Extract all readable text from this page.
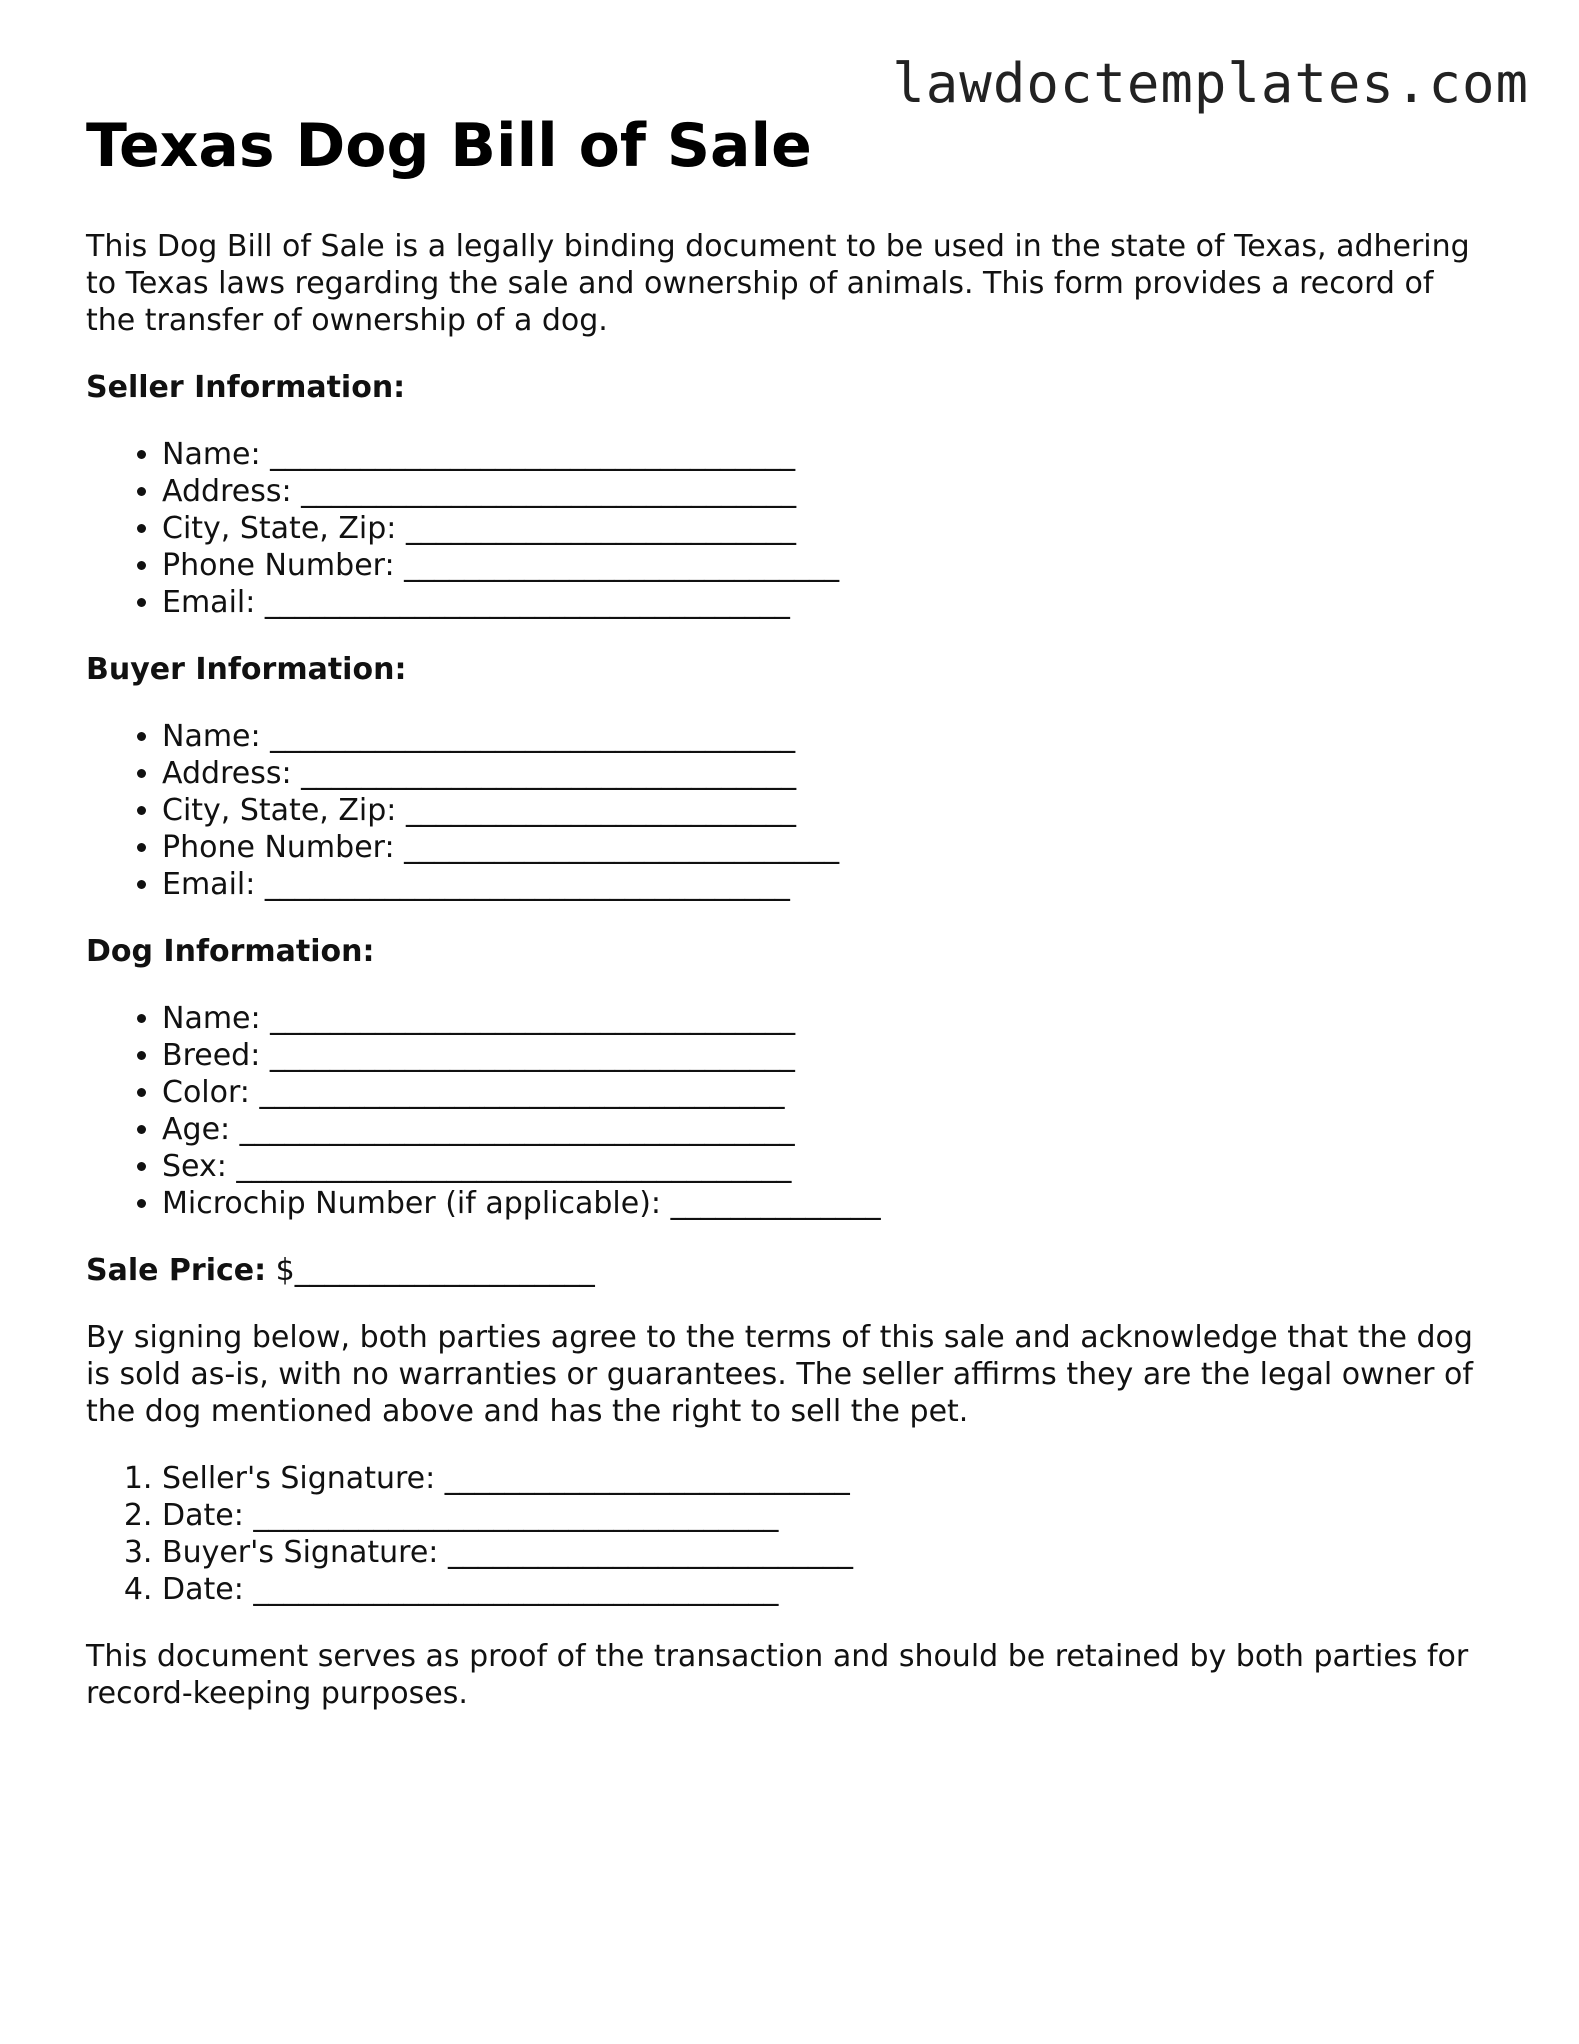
lawdoctemplates.com
Texas Dog Bill of Sale

This Dog Bill of Sale is a legally binding document to be used in the state of Texas, adhering to Texas laws regarding the sale and ownership of animals. This form provides a record of the transfer of ownership of a dog.

Seller Information:
• Name: ___________________________________
• Address: _________________________________
• City, State, Zip: __________________________
• Phone Number: _____________________________
• Email: ___________________________________
Buyer Information:
• Name: ___________________________________
• Address: _________________________________
• City, State, Zip: __________________________
• Phone Number: _____________________________
• Email: ___________________________________
Dog Information:
• Name: ___________________________________
• Breed: ___________________________________
• Color: ___________________________________
• Age: _____________________________________
• Sex: _____________________________________
• Microchip Number (if applicable): ______________
Sale Price: $____________________

By signing below, both parties agree to the terms of this sale and acknowledge that the dog is sold as-is, with no warranties or guarantees. The seller affirms they are the legal owner of the dog mentioned above and has the right to sell the pet.

1. Seller's Signature: ___________________________
2. Date: ___________________________________
3. Buyer's Signature: ___________________________
4. Date: ___________________________________

This document serves as proof of the transaction and should be retained by both parties for record-keeping purposes.
